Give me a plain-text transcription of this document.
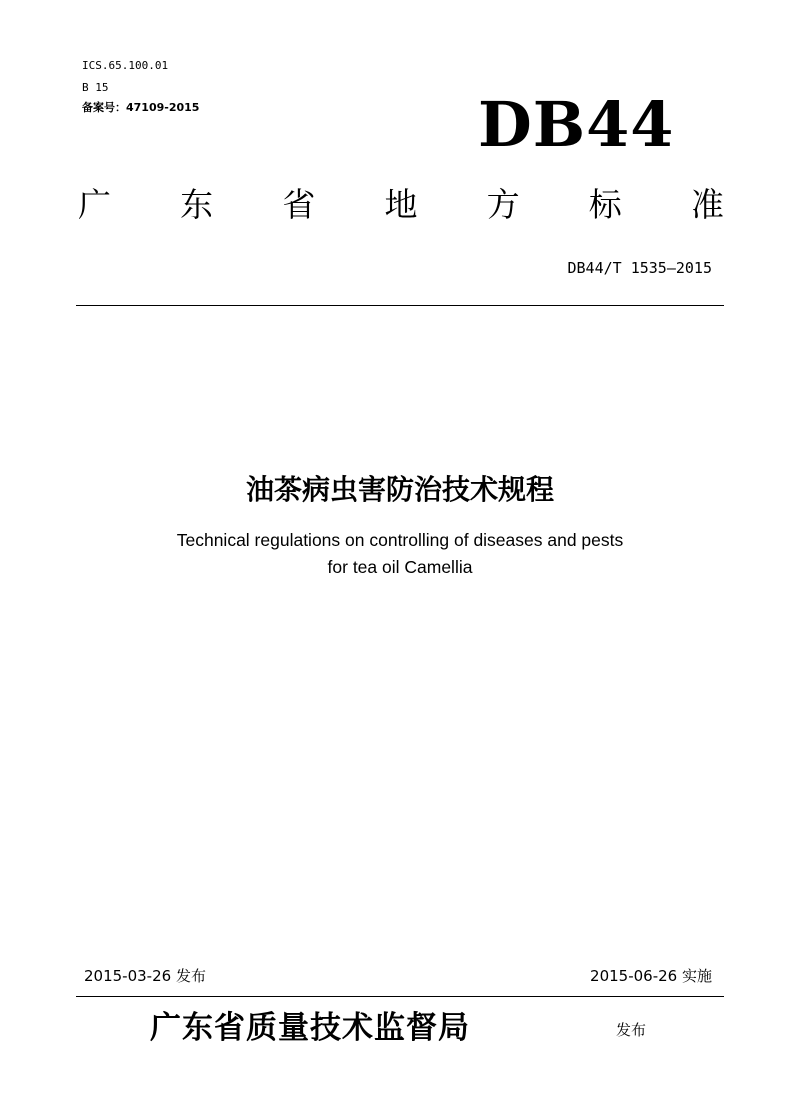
ICS.65.100.01
B 15
备案号：47109-2015	DB44
广 东 省 地 方 标 准
DB44/T 1535—2015
油茶病虫害防治技术规程
Technical regulations on controlling of diseases and pests
for tea oil Camellia
2015-03-26 发布	2015-06-26 实施
广东省质量技术监督局	发布
